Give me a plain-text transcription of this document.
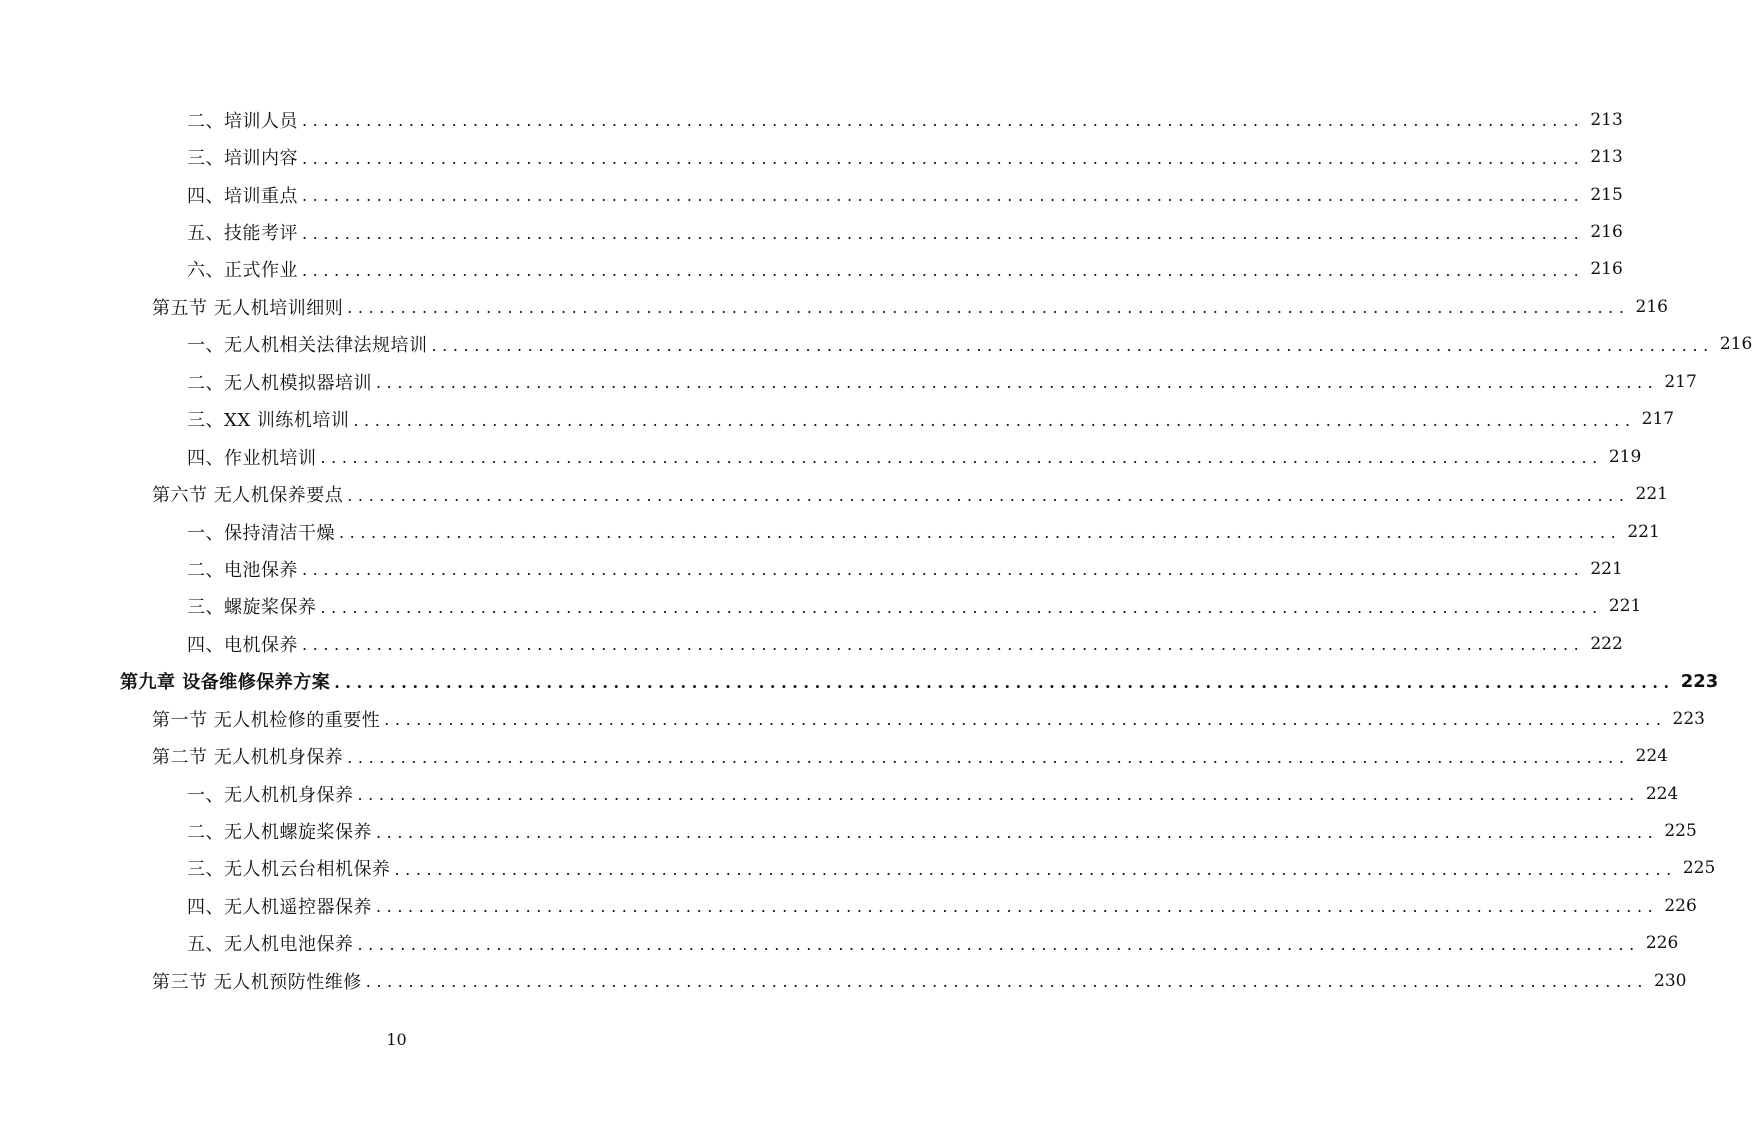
二、培训人员 ........................................................................................................................ 213
三、培训内容 ........................................................................................................................ 213
四、培训重点 ........................................................................................................................ 215
五、技能考评 ........................................................................................................................ 216
六、正式作业 ........................................................................................................................ 216
第五节 无人机培训细则 ........................................................................................................................ 216
一、无人机相关法律法规培训 ........................................................................................................................ 216
二、无人机模拟器培训 ........................................................................................................................ 217
三、XX 训练机培训 ........................................................................................................................ 217
四、作业机培训 ........................................................................................................................ 219
第六节 无人机保养要点 ........................................................................................................................ 221
一、保持清洁干燥 ........................................................................................................................ 221
二、电池保养 ........................................................................................................................ 221
三、螺旋桨保养 ........................................................................................................................ 221
四、电机保养 ........................................................................................................................ 222
第九章 设备维修保养方案 ........................................................................................................................ 223
第一节 无人机检修的重要性 ........................................................................................................................ 223
第二节 无人机机身保养 ........................................................................................................................ 224
一、无人机机身保养 ........................................................................................................................ 224
二、无人机螺旋桨保养 ........................................................................................................................ 225
三、无人机云台相机保养 ........................................................................................................................ 225
四、无人机遥控器保养 ........................................................................................................................ 226
五、无人机电池保养 ........................................................................................................................ 226
第三节 无人机预防性维修 ........................................................................................................................ 230
10
